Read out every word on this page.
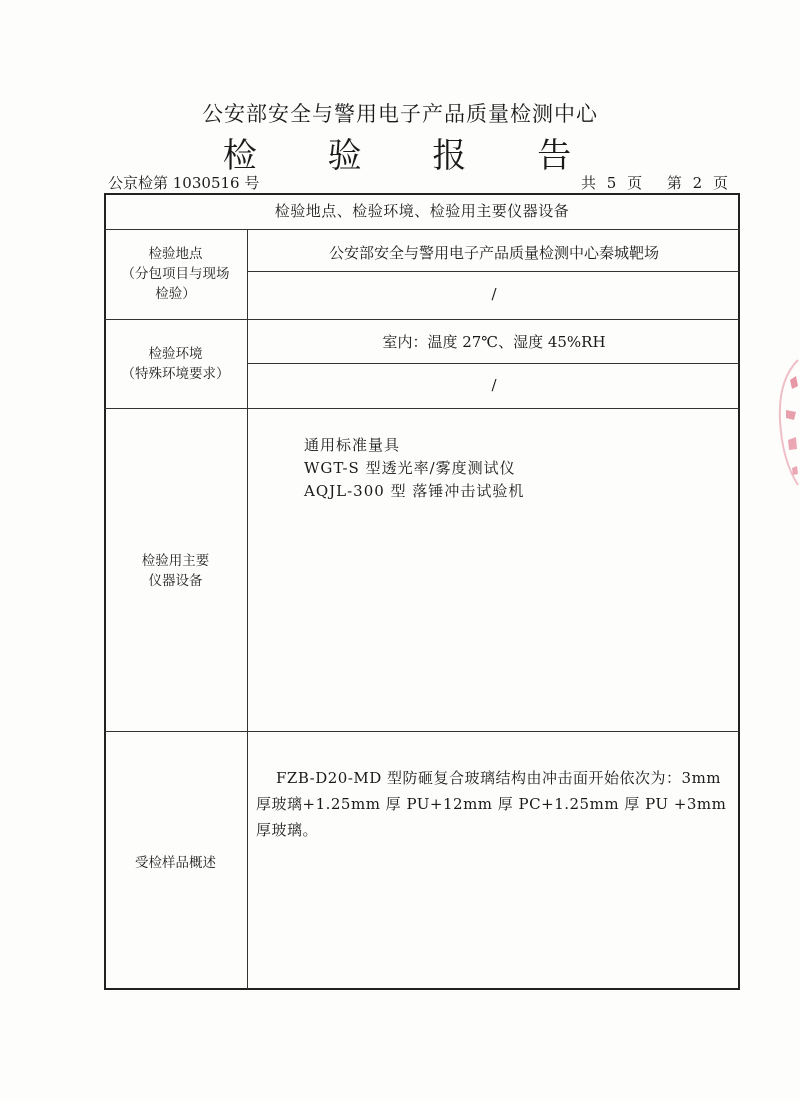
公安部安全与警用电子产品质量检测中心
检 验 报 告
公京检第 1030516 号	共 5 页 第 2 页
检验地点、检验环境、检验用主要仪器设备
检验地点
（分包项目与现场
检验）
公安部安全与警用电子产品质量检测中心秦城靶场
/
检验环境
（特殊环境要求）
室内：温度 27℃、湿度 45%RH
/
检验用主要
仪器设备
通用标准量具
WGT-S 型透光率/雾度测试仪
AQJL-300 型 落锤冲击试验机
受检样品概述
FZB-D20-MD 型防砸复合玻璃结构由冲击面开始依次为：3mm 厚玻璃+1.25mm 厚 PU+12mm 厚 PC+1.25mm 厚 PU +3mm 厚玻璃。
